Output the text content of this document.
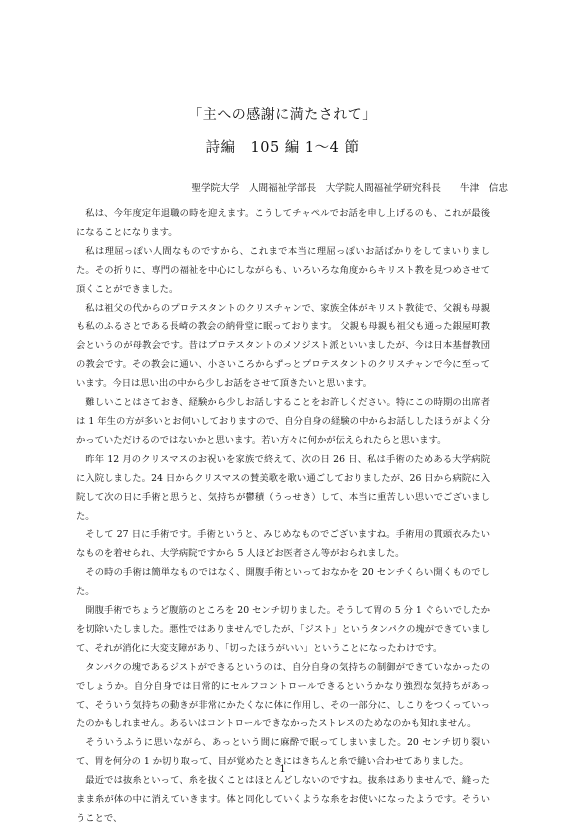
「主への感謝に満たされて」
詩編　105 編 1～4 節
聖学院大学　人間福祉学部長　大学院人間福祉学研究科長　　牛津　信忠

私は、今年度定年退職の時を迎えます。こうしてチャペルでお話を申し上げるのも、これが最後になることになります。

私は理屈っぽい人間なものですから、これまで本当に理屈っぽいお話ばかりをしてまいりました。その折りに、専門の福祉を中心にしながらも、いろいろな角度からキリスト教を見つめさせて頂くことができました。

私は祖父の代からのプロテスタントのクリスチャンで、家族全体がキリスト教徒で、父親も母親も私のふるさとである長崎の教会の納骨堂に眠っております。 父親も母親も祖父も通った銀屋町教会というのが母教会です。昔はプロテスタントのメソジスト派といいましたが、今は日本基督教団の教会です。その教会に通い、小さいころからずっとプロテスタントのクリスチャンで今に至っています。今日は思い出の中から少しお話をさせて頂きたいと思います。

難しいことはさておき、経験から少しお話しすることをお許しください。特にこの時期の出席者は 1 年生の方が多いとお伺いしておりますので、自分自身の経験の中からお話ししたほうがよく分かっていただけるのではないかと思います。若い方々に何かが伝えられたらと思います。

昨年 12 月のクリスマスのお祝いを家族で終えて、次の日 26 日、私は手術のためある大学病院に入院しました。24 日からクリスマスの賛美歌を歌い通ごしておりましたが、26 日から病院に入院して次の日に手術と思うと、気持ちが鬱積（うっせき）して、本当に重苦しい思いでございました。

そして 27 日に手術です。手術というと、みじめなものでございますね。手術用の貫頭衣みたいなものを着せられ、大学病院ですから 5 人ほどお医者さん等がおられました。

その時の手術は簡単なものではなく、開腹手術といっておなかを 20 センチくらい開くものでした。

開腹手術でちょうど腹筋のところを 20 センチ切りました。そうして胃の 5 分 1 ぐらいでしたかを切除いたしました。悪性ではありませんでしたが、「ジスト」というタンパクの塊ができていまして、それが消化に大変支障があり、「切ったほうがいい」ということになったわけです。

タンパクの塊であるジストができるというのは、自分自身の気持ちの制御ができていなかったのでしょうか。自分自身では日常的にセルフコントロールできるというかなり強烈な気持ちがあって、そういう気持ちの動きが非常にかたくなに体に作用し、その一部分に、しこりをつくっていったのかもしれません。あるいはコントロールできなかったストレスのためなのかも知れません。

そういうふうに思いながら、あっという間に麻酔で眠ってしまいました。20 センチ切り裂いて、胃を何分の 1 か切り取って、目が覚めたときにはきちんと糸で縫い合わせてありました。

最近では抜糸といって、糸を抜くことはほとんどしないのですね。抜糸はありませんで、縫ったまま糸が体の中に消えていきます。体と同化していくような糸をお使いになったようです。そういうことで、

1
